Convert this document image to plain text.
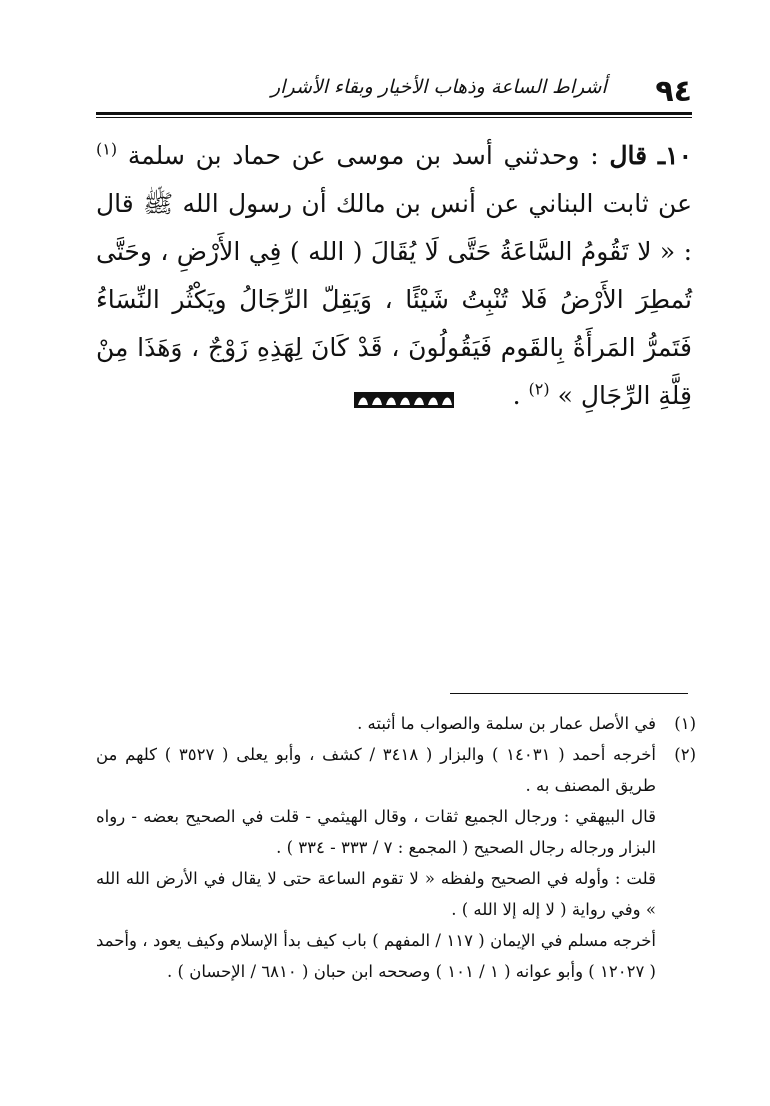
٩٤
أشراط الساعة وذهاب الأخيار وبقاء الأشرار
١٠ـ قال : وحدثني أسد بن موسى عن حماد بن سلمة $^{(١)}$ عن ثابت البناني عن أنس بن مالك أن رسول الله ﷺ قال : « لا تَقُومُ السَّاعَةُ حَتَّى لَا يُقَالَ ( الله ) فِي الأَرْضِ ، وحَتَّى تُمطِرَ الأَرْضُ فَلا تُنْبِتُ شَيْئًا ، وَيَقِلّ الرِّجَالُ ويَكْثُر النِّسَاءُ فَتَمرُّ المَرأَةُ بِالقَوم فَيَقُولُونَ ، قَدْ كَانَ لِهَذِهِ زَوْجٌ ، وَهَذَا مِنْ قِلَّةِ الرِّجَالِ » $^{(٢)}$ .

(١)
في الأصل عمار بن سلمة والصواب ما أثبته .

(٢)
أخرجه أحمد ( ١٤٠٣١ ) والبزار ( ٣٤١٨ / كشف ، وأبو يعلى ( ٣٥٢٧ ) كلهم من طريق المصنف به .

قال البيهقي : ورجال الجميع ثقات ، وقال الهيثمي - قلت في الصحيح بعضه - رواه البزار ورجاله رجال الصحيح ( المجمع : ٧ / ٣٣٣ - ٣٣٤ ) .

قلت : وأوله في الصحيح ولفظه « لا تقوم الساعة حتى لا يقال في الأرض الله الله » وفي رواية ( لا إله إلا الله ) .

أخرجه مسلم في الإيمان ( ١١٧ / المفهم ) باب كيف بدأ الإسلام وكيف يعود ، وأحمد ( ١٢٠٢٧ ) وأبو عوانه ( ١ / ١٠١ ) وصححه ابن حبان ( ٦٨١٠ / الإحسان ) .
